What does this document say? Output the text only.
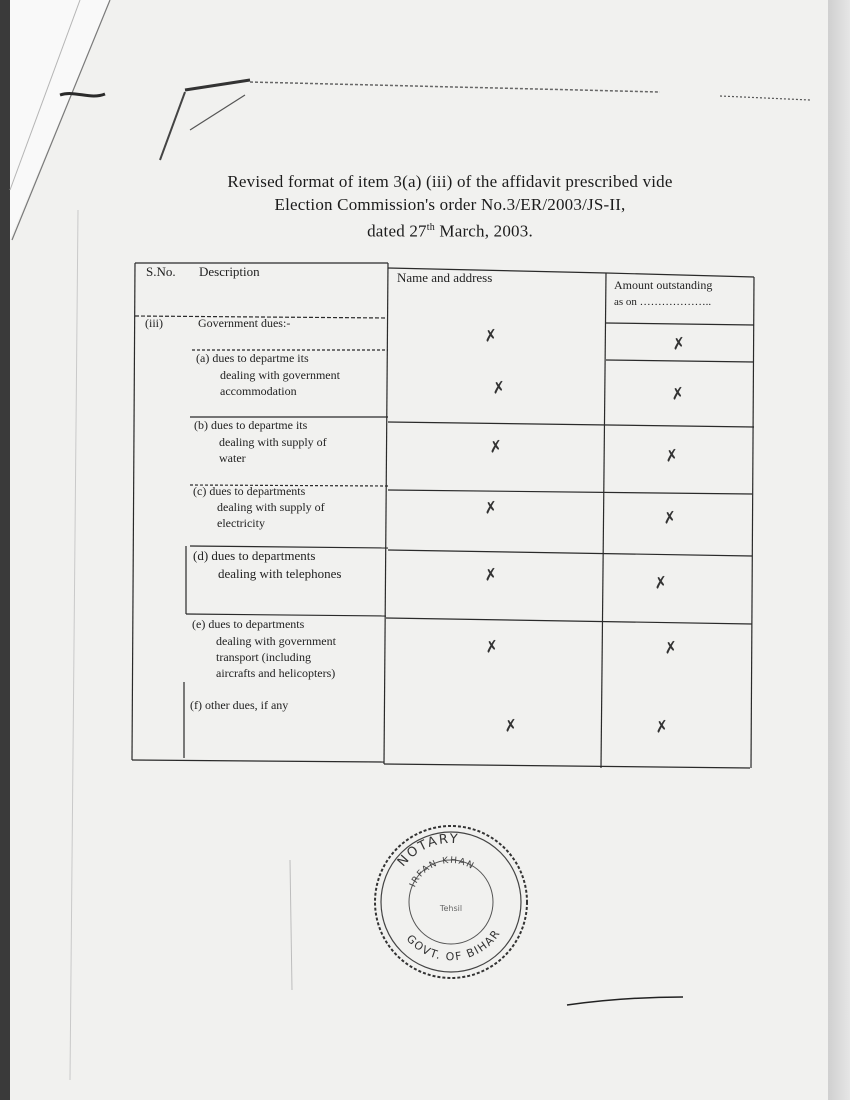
Revised format of item 3(a) (iii) of the affidavit prescribed vide
Election Commission's order No.3/ER/2003/JS-II,
dated 27th March, 2003.
S.No. Description	Name and address	Amount outstanding
as on ………………..
(iii)	Government dues:-
✗	✗
(a) dues to departme its
dealing with government
accommodation	✗	✗
(b) dues to departme its
dealing with supply of
water
✗	✗
(c) dues to departments
dealing with supply of
electricity
✗	✗
(d) dues to departments
dealing with telephones	✗	✗
(e) dues to departments
dealing with government
transport (including
aircrafts and helicopters)
✗	✗
(f) other dues, if any
✗	✗
NOTARY
GOVT. OF BIHAR
IRFAN KHAN
Tehsil
